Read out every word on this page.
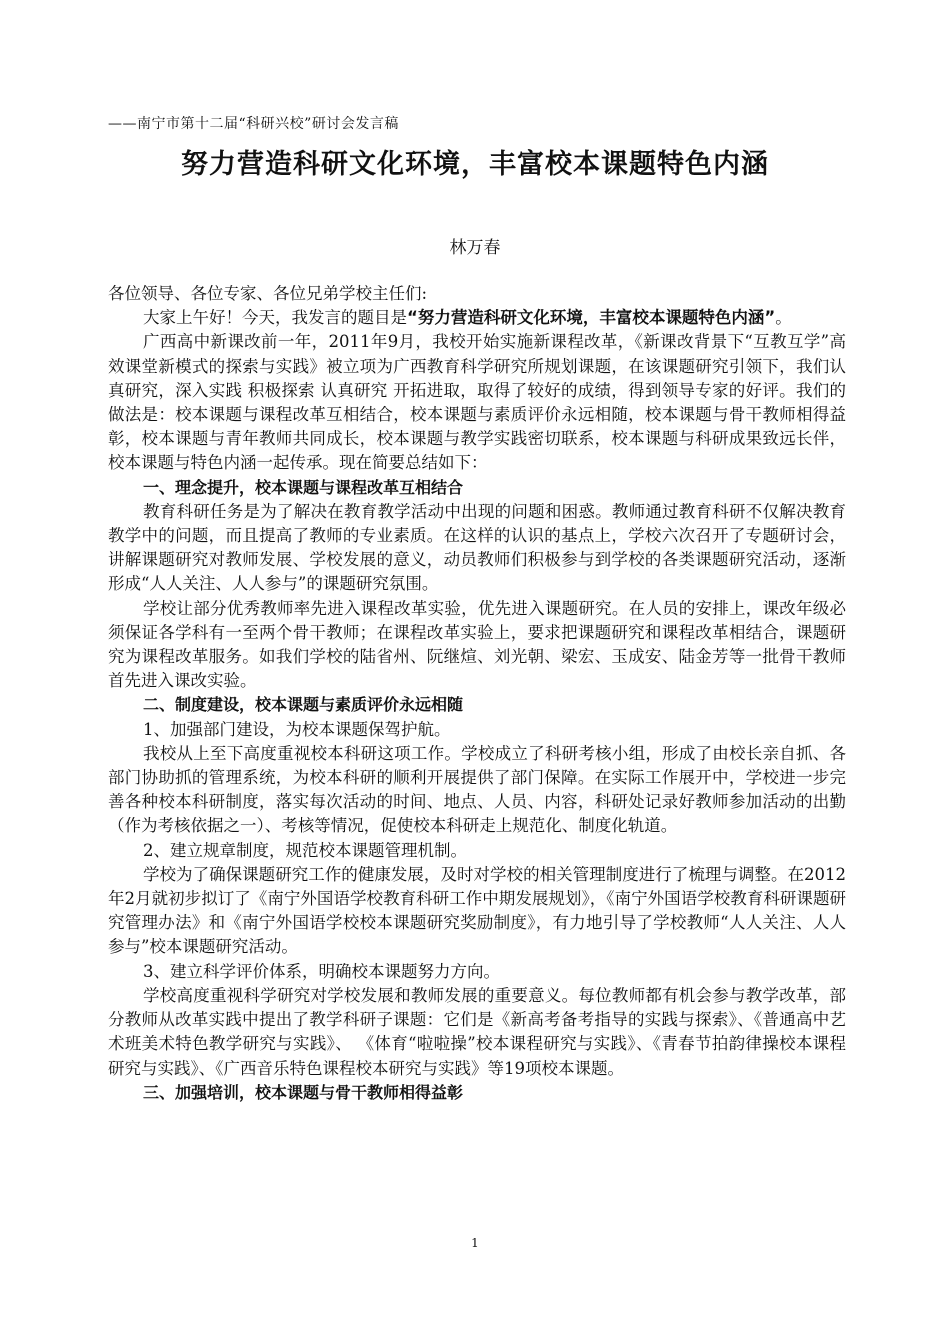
——南宁市第十二届“科研兴校”研讨会发言稿
努力营造科研文化环境，丰富校本课题特色内涵
林万春

各位领导、各位专家、各位兄弟学校主任们:

大家上午好！今天，我发言的题目是“努力营造科研文化环境，丰富校本课题特色内涵”。

广西高中新课改前一年，2011年9月，我校开始实施新课程改革，《新课改背景下“互教互学”高效课堂新模式的探索与实践》被立项为广西教育科学研究所规划课题，在该课题研究引领下，我们认真研究，深入实践 积极探索 认真研究 开拓进取，取得了较好的成绩，得到领导专家的好评。我们的做法是：校本课题与课程改革互相结合，校本课题与素质评价永远相随，校本课题与骨干教师相得益彰，校本课题与青年教师共同成长，校本课题与教学实践密切联系，校本课题与科研成果致远长伴，校本课题与特色内涵一起传承。现在简要总结如下：

一、理念提升，校本课题与课程改革互相结合

教育科研任务是为了解决在教育教学活动中出现的问题和困惑。教师通过教育科研不仅解决教育教学中的问题，而且提高了教师的专业素质。在这样的认识的基点上，学校六次召开了专题研讨会，讲解课题研究对教师发展、学校发展的意义，动员教师们积极参与到学校的各类课题研究活动，逐渐形成“人人关注、人人参与”的课题研究氛围。

学校让部分优秀教师率先进入课程改革实验，优先进入课题研究。在人员的安排上，课改年级必须保证各学科有一至两个骨干教师；在课程改革实验上，要求把课题研究和课程改革相结合，课题研究为课程改革服务。如我们学校的陆省州、阮继煊、刘光朝、梁宏、玉成安、陆金芳等一批骨干教师首先进入课改实验。

二、制度建设，校本课题与素质评价永远相随

1、加强部门建设，为校本课题保驾护航。

我校从上至下高度重视校本科研这项工作。学校成立了科研考核小组，形成了由校长亲自抓、各部门协助抓的管理系统，为校本科研的顺利开展提供了部门保障。在实际工作展开中，学校进一步完善各种校本科研制度，落实每次活动的时间、地点、人员、内容，科研处记录好教师参加活动的出勤（作为考核依据之一）、考核等情况，促使校本科研走上规范化、制度化轨道。

2、建立规章制度，规范校本课题管理机制。

学校为了确保课题研究工作的健康发展，及时对学校的相关管理制度进行了梳理与调整。在2012年2月就初步拟订了《南宁外国语学校教育科研工作中期发展规划》，《南宁外国语学校教育科研课题研究管理办法》和《南宁外国语学校校本课题研究奖励制度》，有力地引导了学校教师“人人关注、人人参与”校本课题研究活动。

3、建立科学评价体系，明确校本课题努力方向。

学校高度重视科学研究对学校发展和教师发展的重要意义。每位教师都有机会参与教学改革，部分教师从改革实践中提出了教学科研子课题：它们是《新高考备考指导的实践与探索》、《普通高中艺术班美术特色教学研究与实践》、 《体育“啦啦操”校本课程研究与实践》、《青春节拍韵律操校本课程研究与实践》、《广西音乐特色课程校本研究与实践》等19项校本课题。

三、加强培训，校本课题与骨干教师相得益彰

1
